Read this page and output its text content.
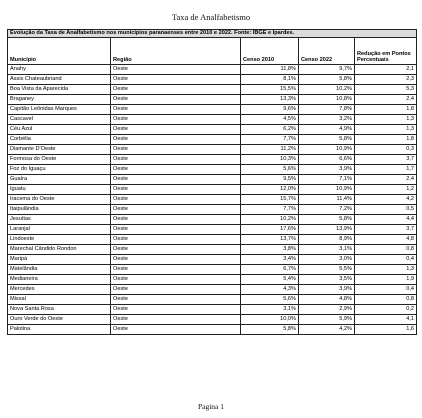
Taxa de Analfabetismo
Evolução da Taxa de Analfabetismo nos municípios paranaenses entre 2010 e 2022. Fonte: IBGE e Ipardes.				
Município	Região	Censo 2010	Censo 2022	Redução em Pontos Percentuais
Anahy	Oeste	11,8%	9,7%	2,1
Assis Chateaubriand	Oeste	8,1%	5,8%	2,3
Boa Vista da Aparecida	Oeste	15,5%	10,2%	5,3
Braganey	Oeste	13,3%	10,8%	2,4
Capitão Leônidas Marques	Oeste	9,6%	7,8%	1,8
Cascavel	Oeste	4,5%	3,2%	1,3
Céu Azul	Oeste	6,2%	4,9%	1,3
Corbélia	Oeste	7,7%	5,8%	1,8
Diamante D'Oeste	Oeste	11,2%	10,9%	0,3
Formosa do Oeste	Oeste	10,3%	6,6%	3,7
Foz do Iguaçu	Oeste	5,6%	3,9%	1,7
Guaíra	Oeste	9,5%	7,1%	2,4
Iguatu	Oeste	12,0%	10,9%	1,2
Iracema do Oeste	Oeste	15,7%	11,4%	4,2
Itaipulândia	Oeste	7,7%	7,2%	0,5
Jesuítas	Oeste	10,2%	5,8%	4,4
Laranjal	Oeste	17,6%	13,9%	3,7
Lindoeste	Oeste	13,7%	8,9%	4,8
Marechal Cândido Rondon	Oeste	3,8%	3,1%	0,8
Maripá	Oeste	3,4%	3,0%	0,4
Matelândia	Oeste	6,7%	5,5%	1,3
Medianeira	Oeste	5,4%	3,5%	1,9
Mercedes	Oeste	4,3%	3,9%	0,4
Missal	Oeste	5,6%	4,8%	0,8
Nova Santa Rosa	Oeste	3,1%	2,9%	0,2
Ouro Verde do Oeste	Oeste	10,0%	5,9%	4,1
Palotina	Oeste	5,8%	4,2%	1,6
Pagina 1
